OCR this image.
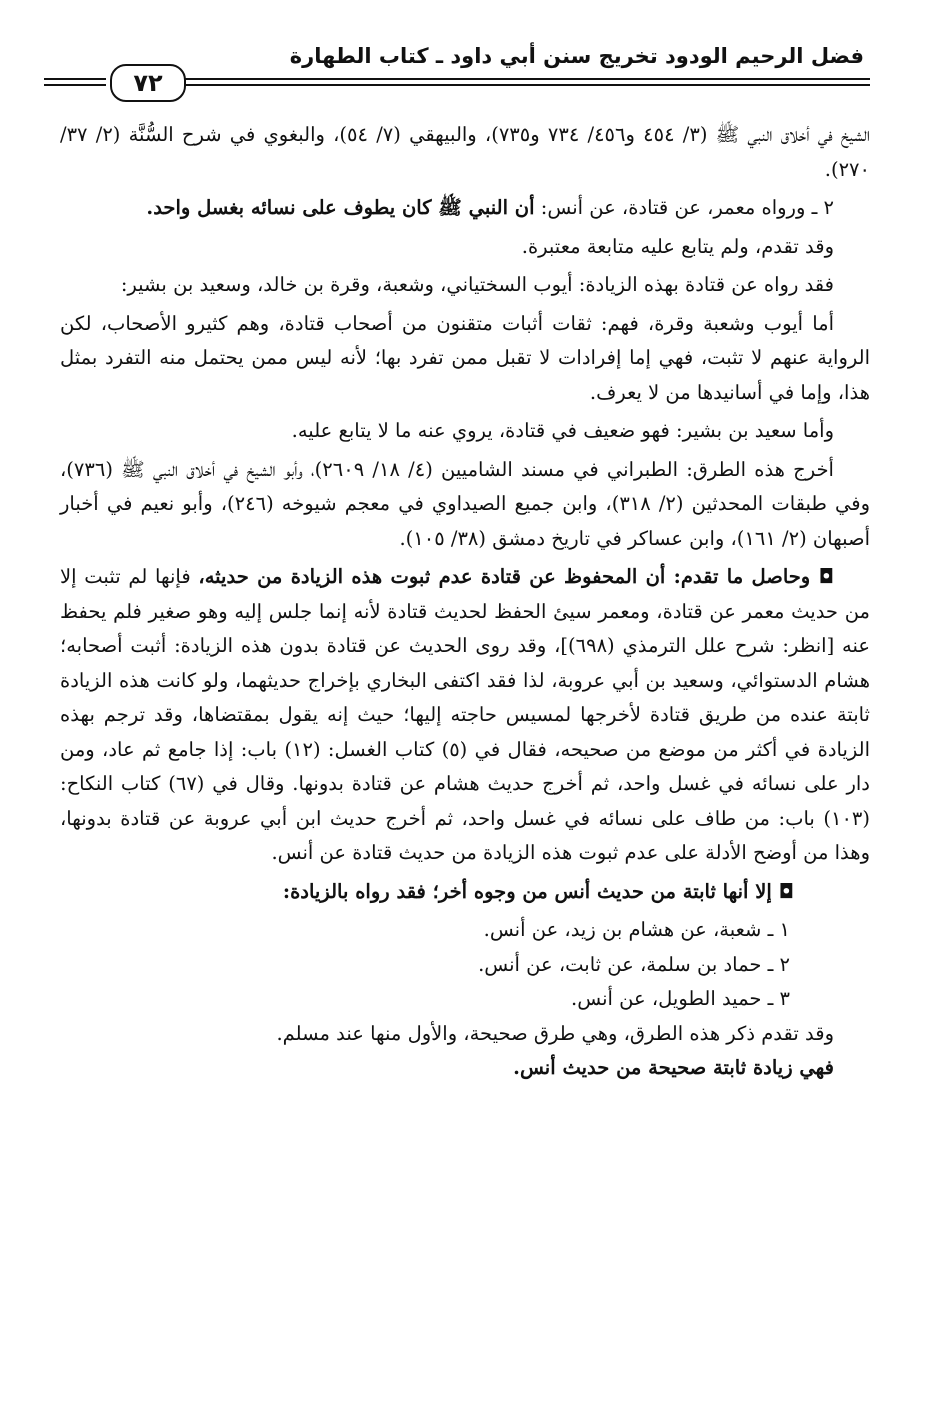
فضل الرحيم الودود تخريج سنن أبي داود ـ كتاب الطهارة
٧٢

الشيخ في أخلاق النبي ﷺ (٣/ ٤٥٤ و٤٥٦/ ٧٣٤ و٧٣٥)، والبيهقي (٧/ ٥٤)، والبغوي في شرح السُّنَّة (٢/ ٣٧/ ٢٧٠).

٢ ـ ورواه معمر، عن قتادة، عن أنس: أن النبي ﷺ كان يطوف على نسائه بغسل واحد.

وقد تقدم، ولم يتابع عليه متابعة معتبرة.

فقد رواه عن قتادة بهذه الزيادة: أيوب السختياني، وشعبة، وقرة بن خالد، وسعيد بن بشير:

أما أيوب وشعبة وقرة، فهم: ثقات أثبات متقنون من أصحاب قتادة، وهم كثيرو الأصحاب، لكن الرواية عنهم لا تثبت، فهي إما إفرادات لا تقبل ممن تفرد بها؛ لأنه ليس ممن يحتمل منه التفرد بمثل هذا، وإما في أسانيدها من لا يعرف.

وأما سعيد بن بشير: فهو ضعيف في قتادة، يروي عنه ما لا يتابع عليه.

أخرج هذه الطرق: الطبراني في مسند الشاميين (٤/ ١٨/ ٢٦٠٩)، وأبو الشيخ في أخلاق النبي ﷺ (٧٣٦)، وفي طبقات المحدثين (٢/ ٣١٨)، وابن جميع الصيداوي في معجم شيوخه (٢٤٦)، وأبو نعيم في أخبار أصبهان (٢/ ١٦١)، وابن عساكر في تاريخ دمشق (٣٨/ ١٠٥).

◘ وحاصل ما تقدم: أن المحفوظ عن قتادة عدم ثبوت هذه الزيادة من حديثه، فإنها لم تثبت إلا من حديث معمر عن قتادة، ومعمر سيئ الحفظ لحديث قتادة لأنه إنما جلس إليه وهو صغير فلم يحفظ عنه [انظر: شرح علل الترمذي (٦٩٨)]، وقد روى الحديث عن قتادة بدون هذه الزيادة: أثبت أصحابه؛ هشام الدستوائي، وسعيد بن أبي عروبة، لذا فقد اكتفى البخاري بإخراج حديثهما، ولو كانت هذه الزيادة ثابتة عنده من طريق قتادة لأخرجها لمسيس حاجته إليها؛ حيث إنه يقول بمقتضاها، وقد ترجم بهذه الزيادة في أكثر من موضع من صحيحه، فقال في (٥) كتاب الغسل: (١٢) باب: إذا جامع ثم عاد، ومن دار على نسائه في غسل واحد، ثم أخرج حديث هشام عن قتادة بدونها. وقال في (٦٧) كتاب النكاح: (١٠٣) باب: من طاف على نسائه في غسل واحد، ثم أخرج حديث ابن أبي عروبة عن قتادة بدونها، وهذا من أوضح الأدلة على عدم ثبوت هذه الزيادة من حديث قتادة عن أنس.

◘ إلا أنها ثابتة من حديث أنس من وجوه أخر؛ فقد رواه بالزيادة:

١ ـ شعبة، عن هشام بن زيد، عن أنس.

٢ ـ حماد بن سلمة، عن ثابت، عن أنس.

٣ ـ حميد الطويل، عن أنس.

وقد تقدم ذكر هذه الطرق، وهي طرق صحيحة، والأول منها عند مسلم.

فهي زيادة ثابتة صحيحة من حديث أنس.
